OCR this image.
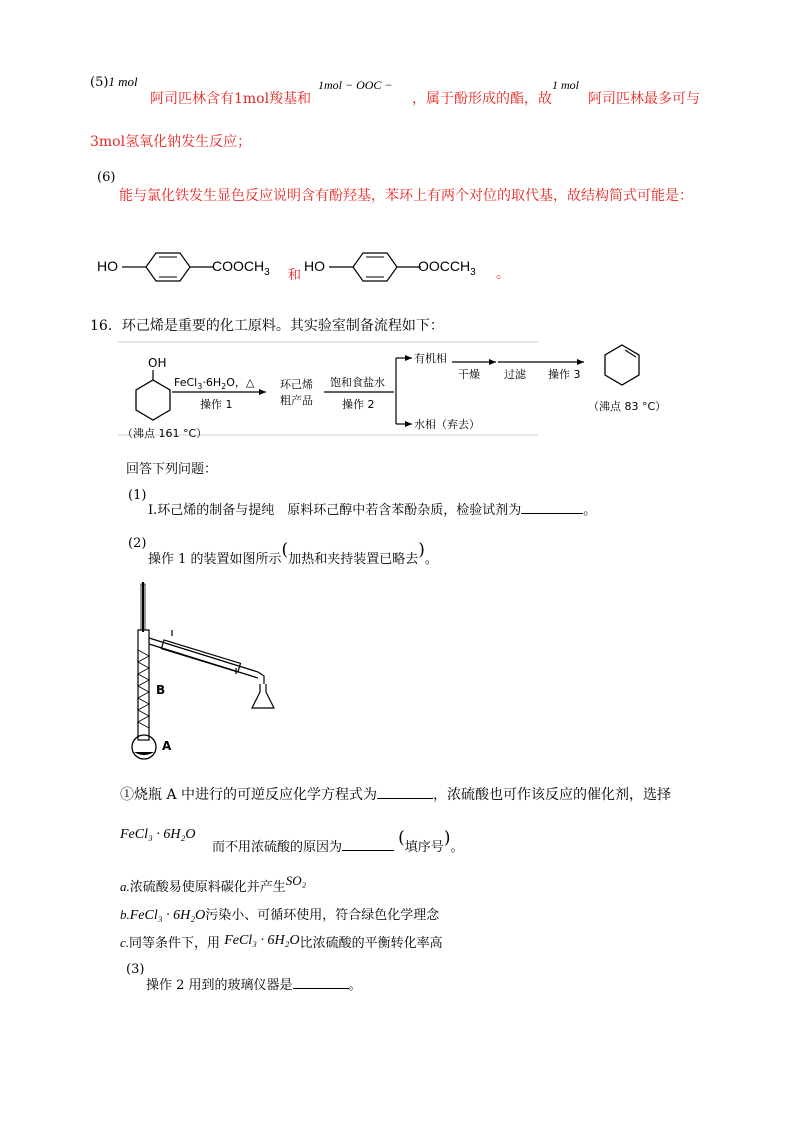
(5)1 mol
阿司匹林含有1mol羧基和
1mol − OOC −
，属于酚形成的酯，故
1 mol
阿司匹林最多可与
3mol氢氧化钠发生反应；
(6)
能与氯化铁发生显色反应说明含有酚羟基，苯环上有两个对位的取代基，故结构简式可能是：
HO	$COOCH_3$ 和
HO	$OOCCH_3$ 。
16．环己烯是重要的化工原料。其实验室制备流程如下：
OH
（沸点 161 °C）
$FeCl_3\cdot 6H_2O$，△
操作 1
环己烯
粗产品
饱和食盐水
操作 2
有机相
水相（弃去）
干燥 过滤 操作 3
（沸点 83 °C）
回答下列问题：
(1)
Ⅰ.环己烯的制备与提纯　原料环己醇中若含苯酚杂质，检验试剂为	。
(2)
操作 1 的装置如图所示(加热和夹持装置已略去)。
B
A
①烧瓶 A 中进行的可逆反应化学方程式为	，浓硫酸也可作该反应的催化剂，选择
FeCl₃ · 6H₂O
而不用浓硫酸的原因为	(填序号)。
a.浓硫酸易使原料碳化并产生SO₂
b.FeCl₃ · 6H₂O污染小、可循环使用，符合绿色化学理念
c.同等条件下，用 FeCl₃ · 6H₂O比浓硫酸的平衡转化率高
(3)
操作 2 用到的玻璃仪器是	。
